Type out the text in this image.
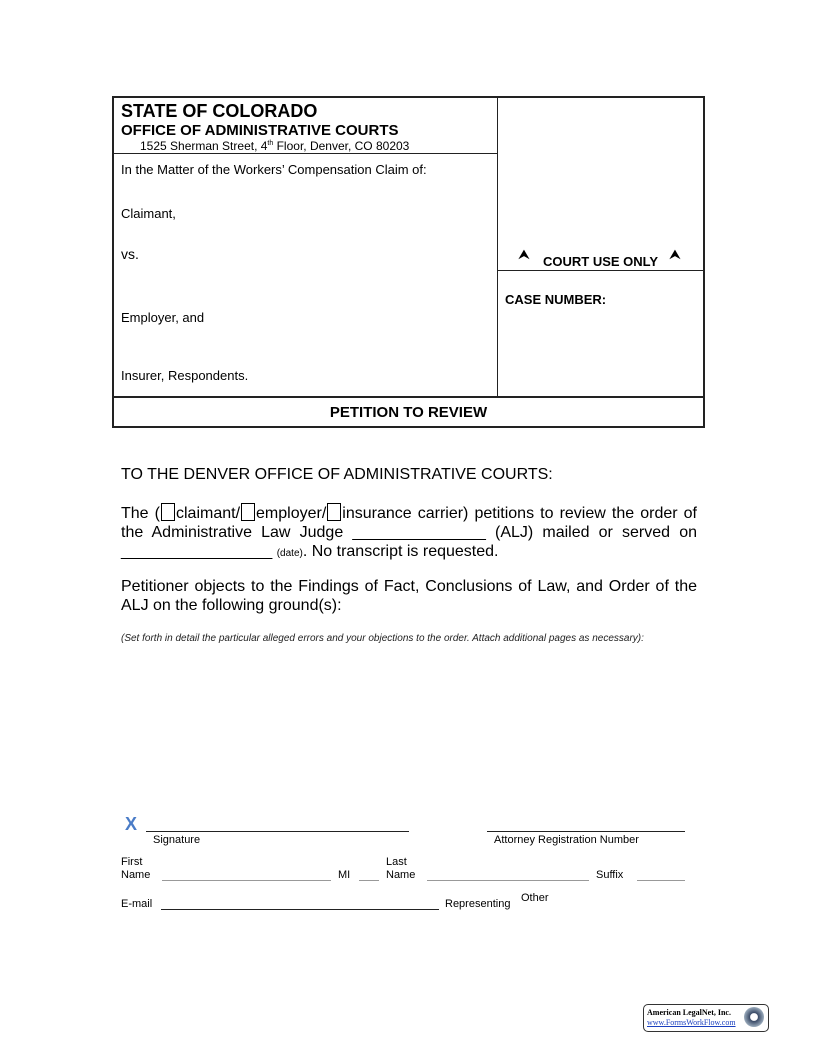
STATE OF COLORADO
OFFICE OF ADMINISTRATIVE COURTS
1525 Sherman Street, 4th Floor, Denver, CO 80203
In the Matter of the Workers’ Compensation Claim of:
Claimant,
vs.
Employer, and
Insurer, Respondents.
⮝ COURT USE ONLY ⮝
CASE NUMBER:
PETITION TO REVIEW
TO THE DENVER OFFICE OF ADMINISTRATIVE COURTS:
The ( claimant/ employer/ insurance carrier) petitions to review the order of the Administrative Law Judge _______________ (ALJ) mailed or served on _________________ (date). No transcript is requested.
Petitioner objects to the Findings of Fact, Conclusions of Law, and Order of the ALJ on the following ground(s):
(Set forth in detail the particular alleged errors and your objections to the order. Attach additional pages as necessary):
X
Signature	Attorney Registration Number
First
Name	MI
Last
Name	Suffix
E-mail	Representing Other
American LegalNet, Inc.
www.FormsWorkFlow.com
